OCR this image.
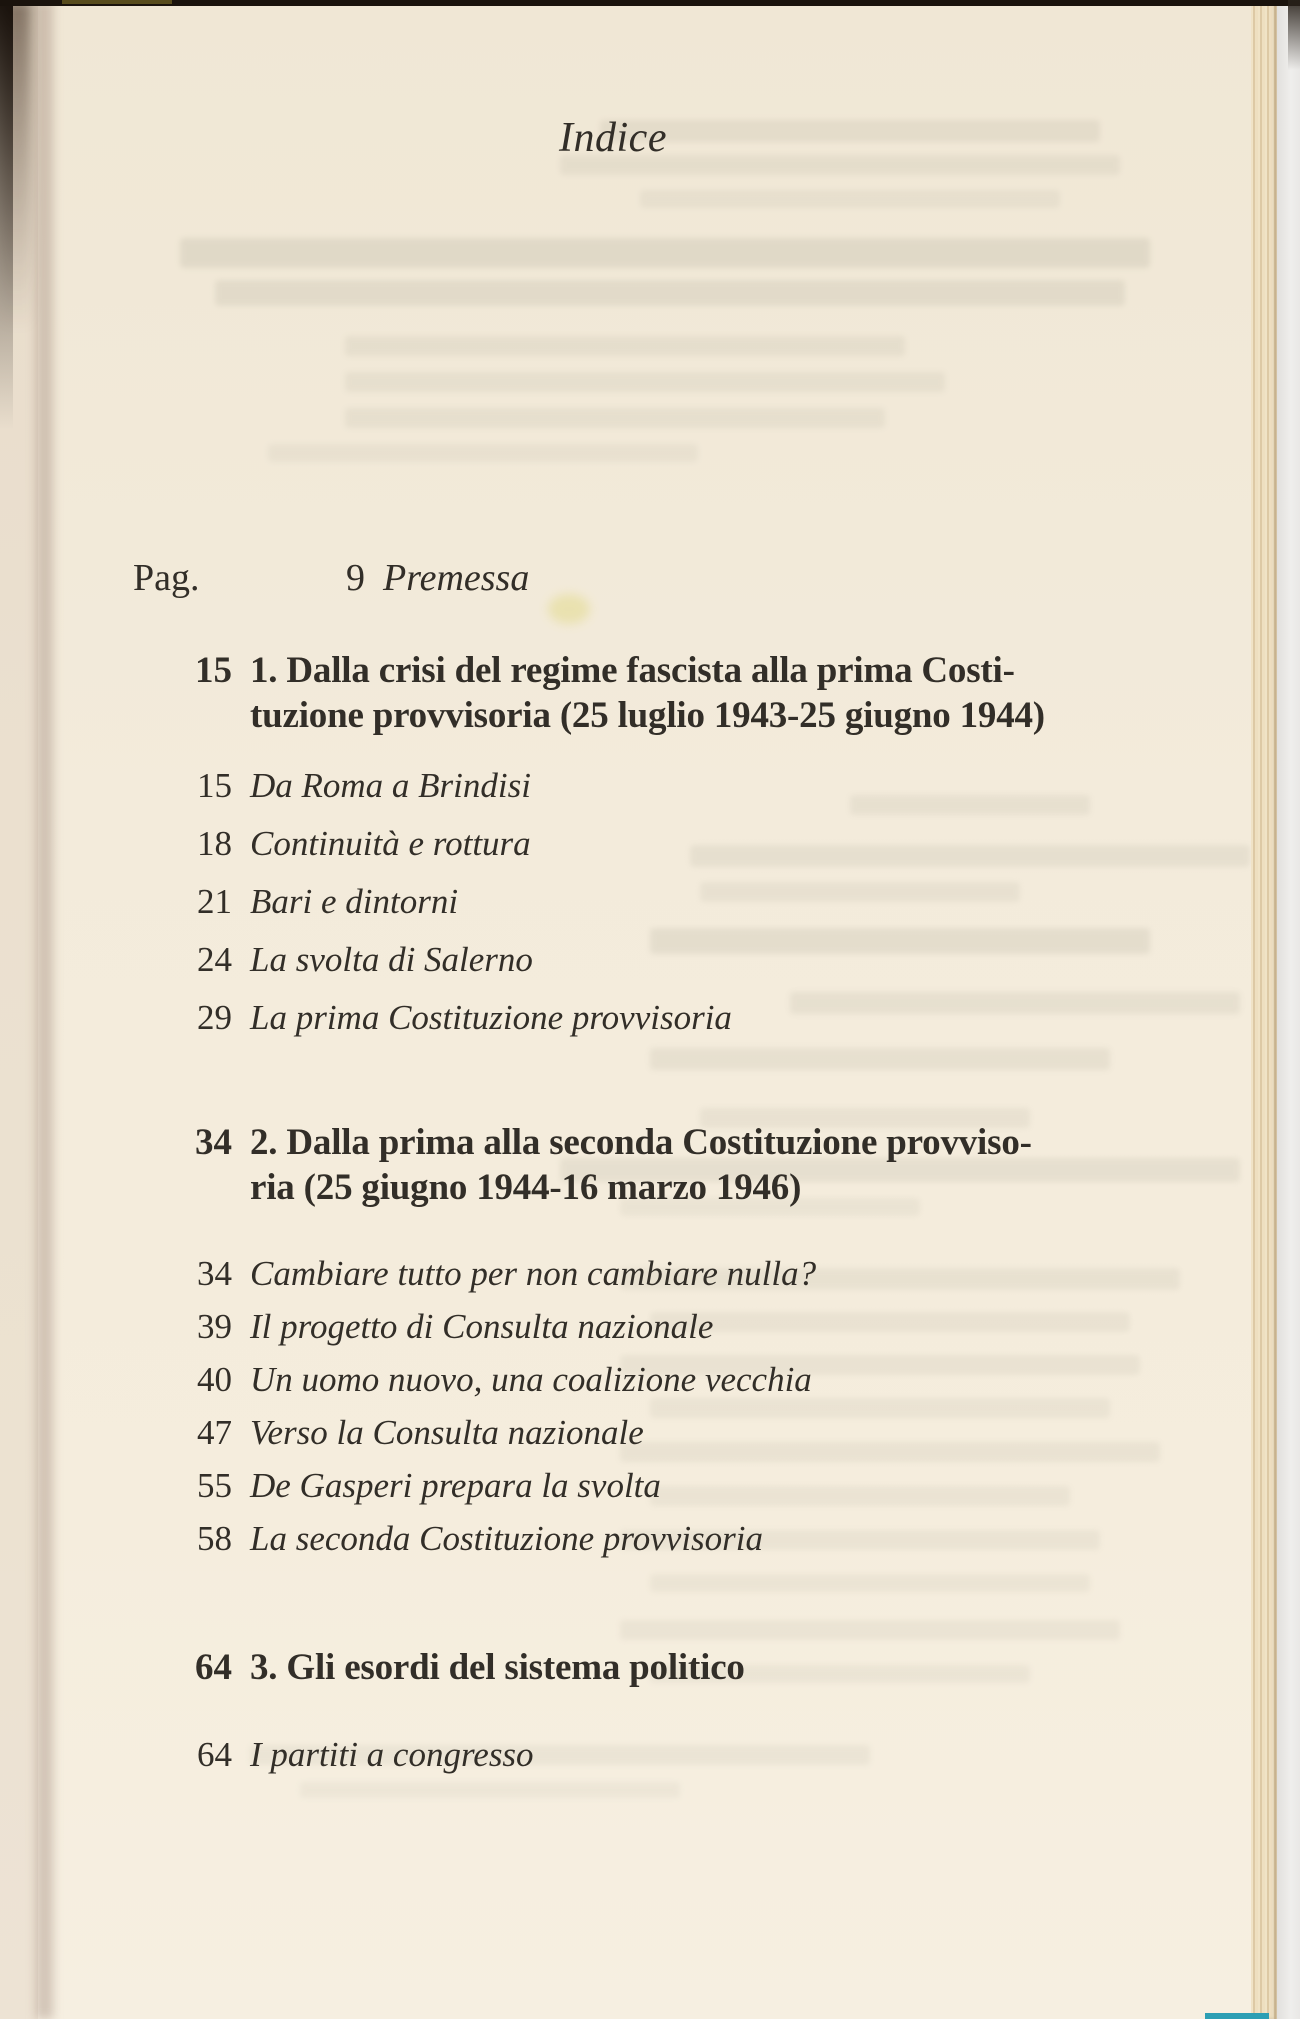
Indice
Pag.	9 Premessa
15 1. Dalla crisi del regime fascista alla prima Costi-
tuzione provvisoria (25 luglio 1943-25 giugno 1944)
15 Da Roma a Brindisi
18 Continuità e rottura
21 Bari e dintorni
24 La svolta di Salerno
29 La prima Costituzione provvisoria
34 2. Dalla prima alla seconda Costituzione provviso-
ria (25 giugno 1944-16 marzo 1946)
34 Cambiare tutto per non cambiare nulla?
39 Il progetto di Consulta nazionale
40 Un uomo nuovo, una coalizione vecchia
47 Verso la Consulta nazionale
55 De Gasperi prepara la svolta
58 La seconda Costituzione provvisoria
64 3. Gli esordi del sistema politico
64 I partiti a congresso
